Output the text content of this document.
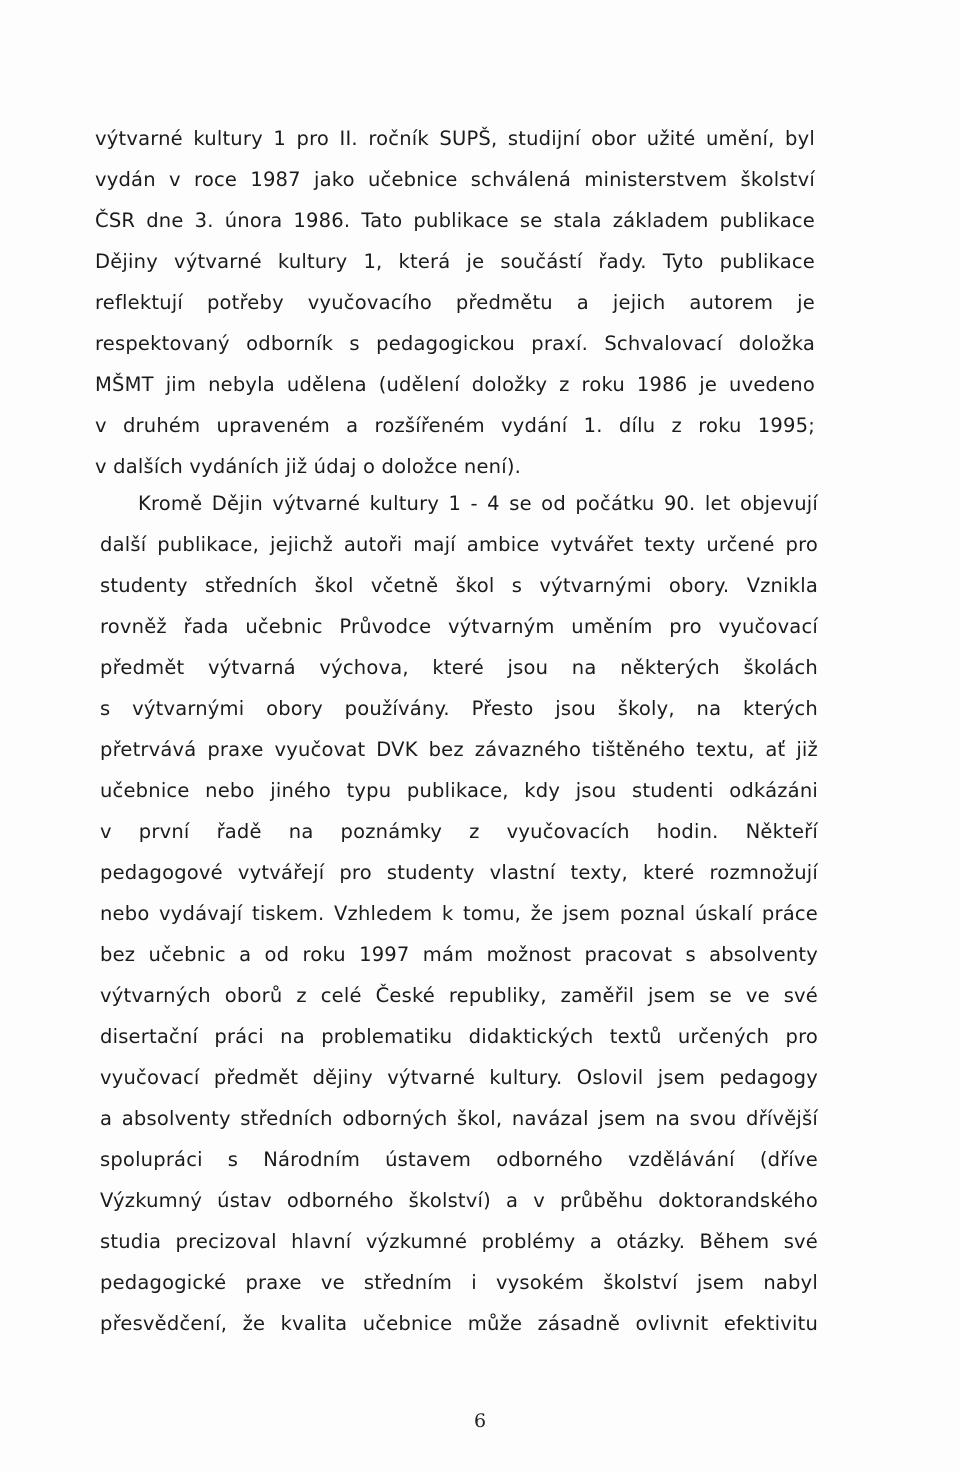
výtvarné kultury 1 pro II. ročník SUPŠ, studijní obor užité umění, byl
vydán v roce 1987 jako učebnice schválená ministerstvem školství
ČSR dne 3. února 1986. Tato publikace se stala základem publikace
Dějiny výtvarné kultury 1, která je součástí řady. Tyto publikace
reflektují potřeby vyučovacího předmětu a jejich autorem je
respektovaný odborník s pedagogickou praxí. Schvalovací doložka
MŠMT jim nebyla udělena (udělení doložky z roku 1986 je uvedeno
v druhém upraveném a rozšířeném vydání 1. dílu z roku 1995;
v dalších vydáních již údaj o doložce není).
Kromě Dějin výtvarné kultury 1 - 4 se od počátku 90. let objevují
další publikace, jejichž autoři mají ambice vytvářet texty určené pro
studenty středních škol včetně škol s výtvarnými obory. Vznikla
rovněž řada učebnic Průvodce výtvarným uměním pro vyučovací
předmět výtvarná výchova, které jsou na některých školách
s výtvarnými obory používány. Přesto jsou školy, na kterých
přetrvává praxe vyučovat DVK bez závazného tištěného textu, ať již
učebnice nebo jiného typu publikace, kdy jsou studenti odkázáni
v první řadě na poznámky z vyučovacích hodin. Někteří
pedagogové vytvářejí pro studenty vlastní texty, které rozmnožují
nebo vydávají tiskem. Vzhledem k tomu, že jsem poznal úskalí práce
bez učebnic a od roku 1997 mám možnost pracovat s absolventy
výtvarných oborů z celé České republiky, zaměřil jsem se ve své
disertační práci na problematiku didaktických textů určených pro
vyučovací předmět dějiny výtvarné kultury. Oslovil jsem pedagogy
a absolventy středních odborných škol, navázal jsem na svou dřívější
spolupráci s Národním ústavem odborného vzdělávání (dříve
Výzkumný ústav odborného školství) a v průběhu doktorandského
studia precizoval hlavní výzkumné problémy a otázky. Během své
pedagogické praxe ve středním i vysokém školství jsem nabyl
přesvědčení, že kvalita učebnice může zásadně ovlivnit efektivitu
6
